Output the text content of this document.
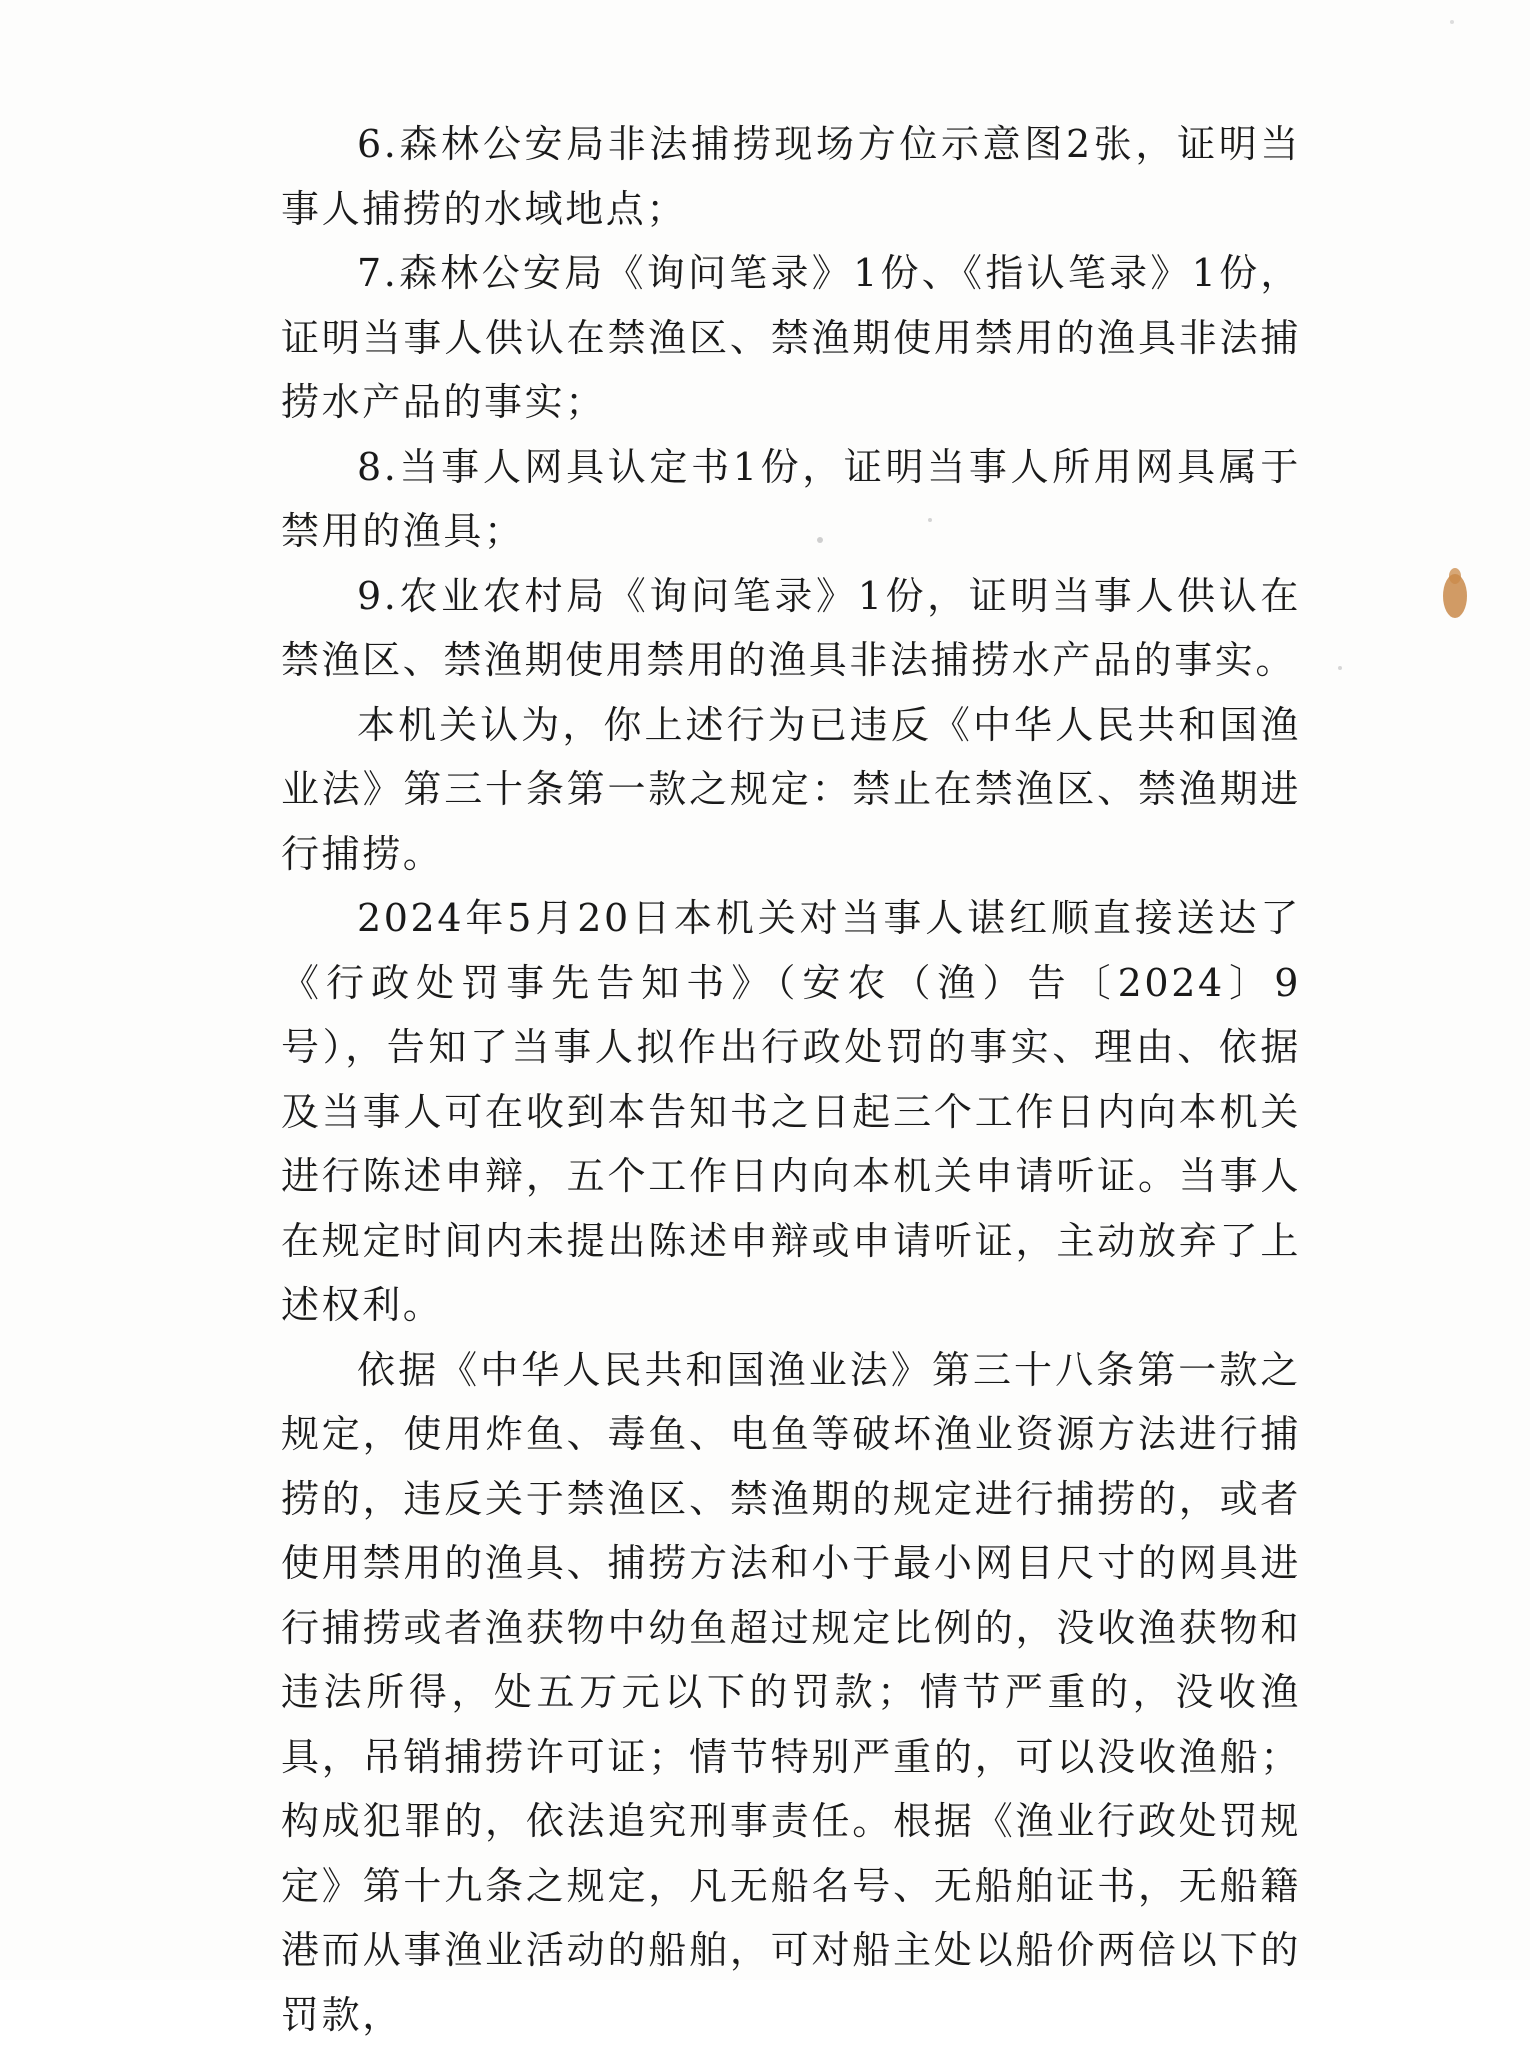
6.森林公安局非法捕捞现场方位示意图2张，证明当事人捕捞的水域地点；

7.森林公安局《询问笔录》1份、《指认笔录》1份，证明当事人供认在禁渔区、禁渔期使用禁用的渔具非法捕捞水产品的事实；

8.当事人网具认定书1份，证明当事人所用网具属于禁用的渔具；

9.农业农村局《询问笔录》1份，证明当事人供认在禁渔区、禁渔期使用禁用的渔具非法捕捞水产品的事实。

本机关认为，你上述行为已违反《中华人民共和国渔业法》第三十条第一款之规定：禁止在禁渔区、禁渔期进行捕捞。

2024年5月20日本机关对当事人谌红顺直接送达了《行政处罚事先告知书》（安农（渔）告〔2024〕9号），告知了当事人拟作出行政处罚的事实、理由、依据及当事人可在收到本告知书之日起三个工作日内向本机关进行陈述申辩，五个工作日内向本机关申请听证。当事人在规定时间内未提出陈述申辩或申请听证，主动放弃了上述权利。

依据《中华人民共和国渔业法》第三十八条第一款之规定，使用炸鱼、毒鱼、电鱼等破坏渔业资源方法进行捕捞的，违反关于禁渔区、禁渔期的规定进行捕捞的，或者使用禁用的渔具、捕捞方法和小于最小网目尺寸的网具进行捕捞或者渔获物中幼鱼超过规定比例的，没收渔获物和违法所得，处五万元以下的罚款；情节严重的，没收渔具，吊销捕捞许可证；情节特别严重的，可以没收渔船；构成犯罪的，依法追究刑事责任。根据《渔业行政处罚规定》第十九条之规定，凡无船名号、无船舶证书，无船籍港而从事渔业活动的船舶，可对船主处以船价两倍以下的罚款，
